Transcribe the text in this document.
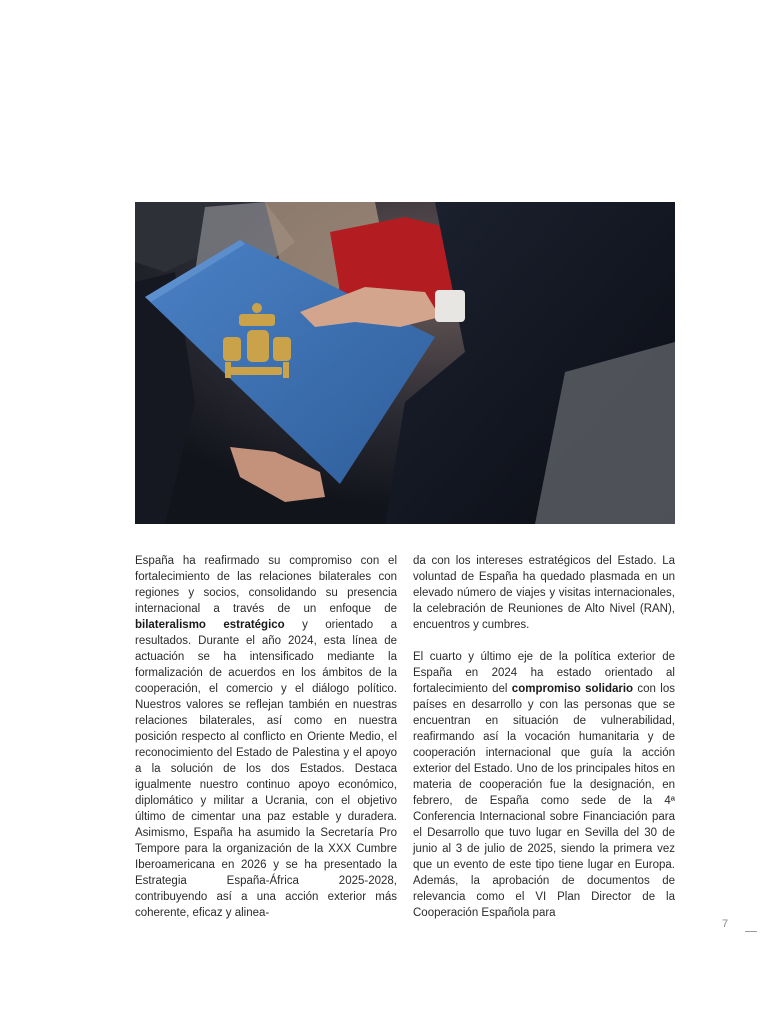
España ha reafirmado su compromiso con el fortalecimiento de las relaciones bilaterales con regiones y socios, consolidando su presencia internacional a través de un enfoque de bilateralismo estratégico y orientado a resultados. Durante el año 2024, esta línea de actuación se ha intensificado mediante la formalización de acuerdos en los ámbitos de la cooperación, el comercio y el diálogo político. Nuestros valores se reflejan también en nuestras relaciones bilaterales, así como en nuestra posición respecto al conflicto en Oriente Medio, el reconocimiento del Estado de Palestina y el apoyo a la solución de los dos Estados. Destaca igualmente nuestro continuo apoyo económico, diplomático y militar a Ucrania, con el objetivo último de cimentar una paz estable y duradera. Asimismo, España ha asumido la Secretaría Pro Tempore para la organización de la XXX Cumbre Iberoamericana en 2026 y se ha presentado la Estrategia España-África 2025-2028, contribuyendo así a una acción exterior más coherente, eficaz y alinea-

da con los intereses estratégicos del Estado. La voluntad de España ha quedado plasmada en un elevado número de viajes y visitas internacionales, la celebración de Reuniones de Alto Nivel (RAN), encuentros y cumbres.

El cuarto y último eje de la política exterior de España en 2024 ha estado orientado al fortalecimiento del compromiso solidario con los países en desarrollo y con las personas que se encuentran en situación de vulnerabilidad, reafirmando así la vocación humanitaria y de cooperación internacional que guía la acción exterior del Estado. Uno de los principales hitos en materia de cooperación fue la designación, en febrero, de España como sede de la 4ª Conferencia Internacional sobre Financiación para el Desarrollo que tuvo lugar en Sevilla del 30 de junio al 3 de julio de 2025, siendo la primera vez que un evento de este tipo tiene lugar en Europa. Además, la aprobación de documentos de relevancia como el VI Plan Director de la Cooperación Española para

7
